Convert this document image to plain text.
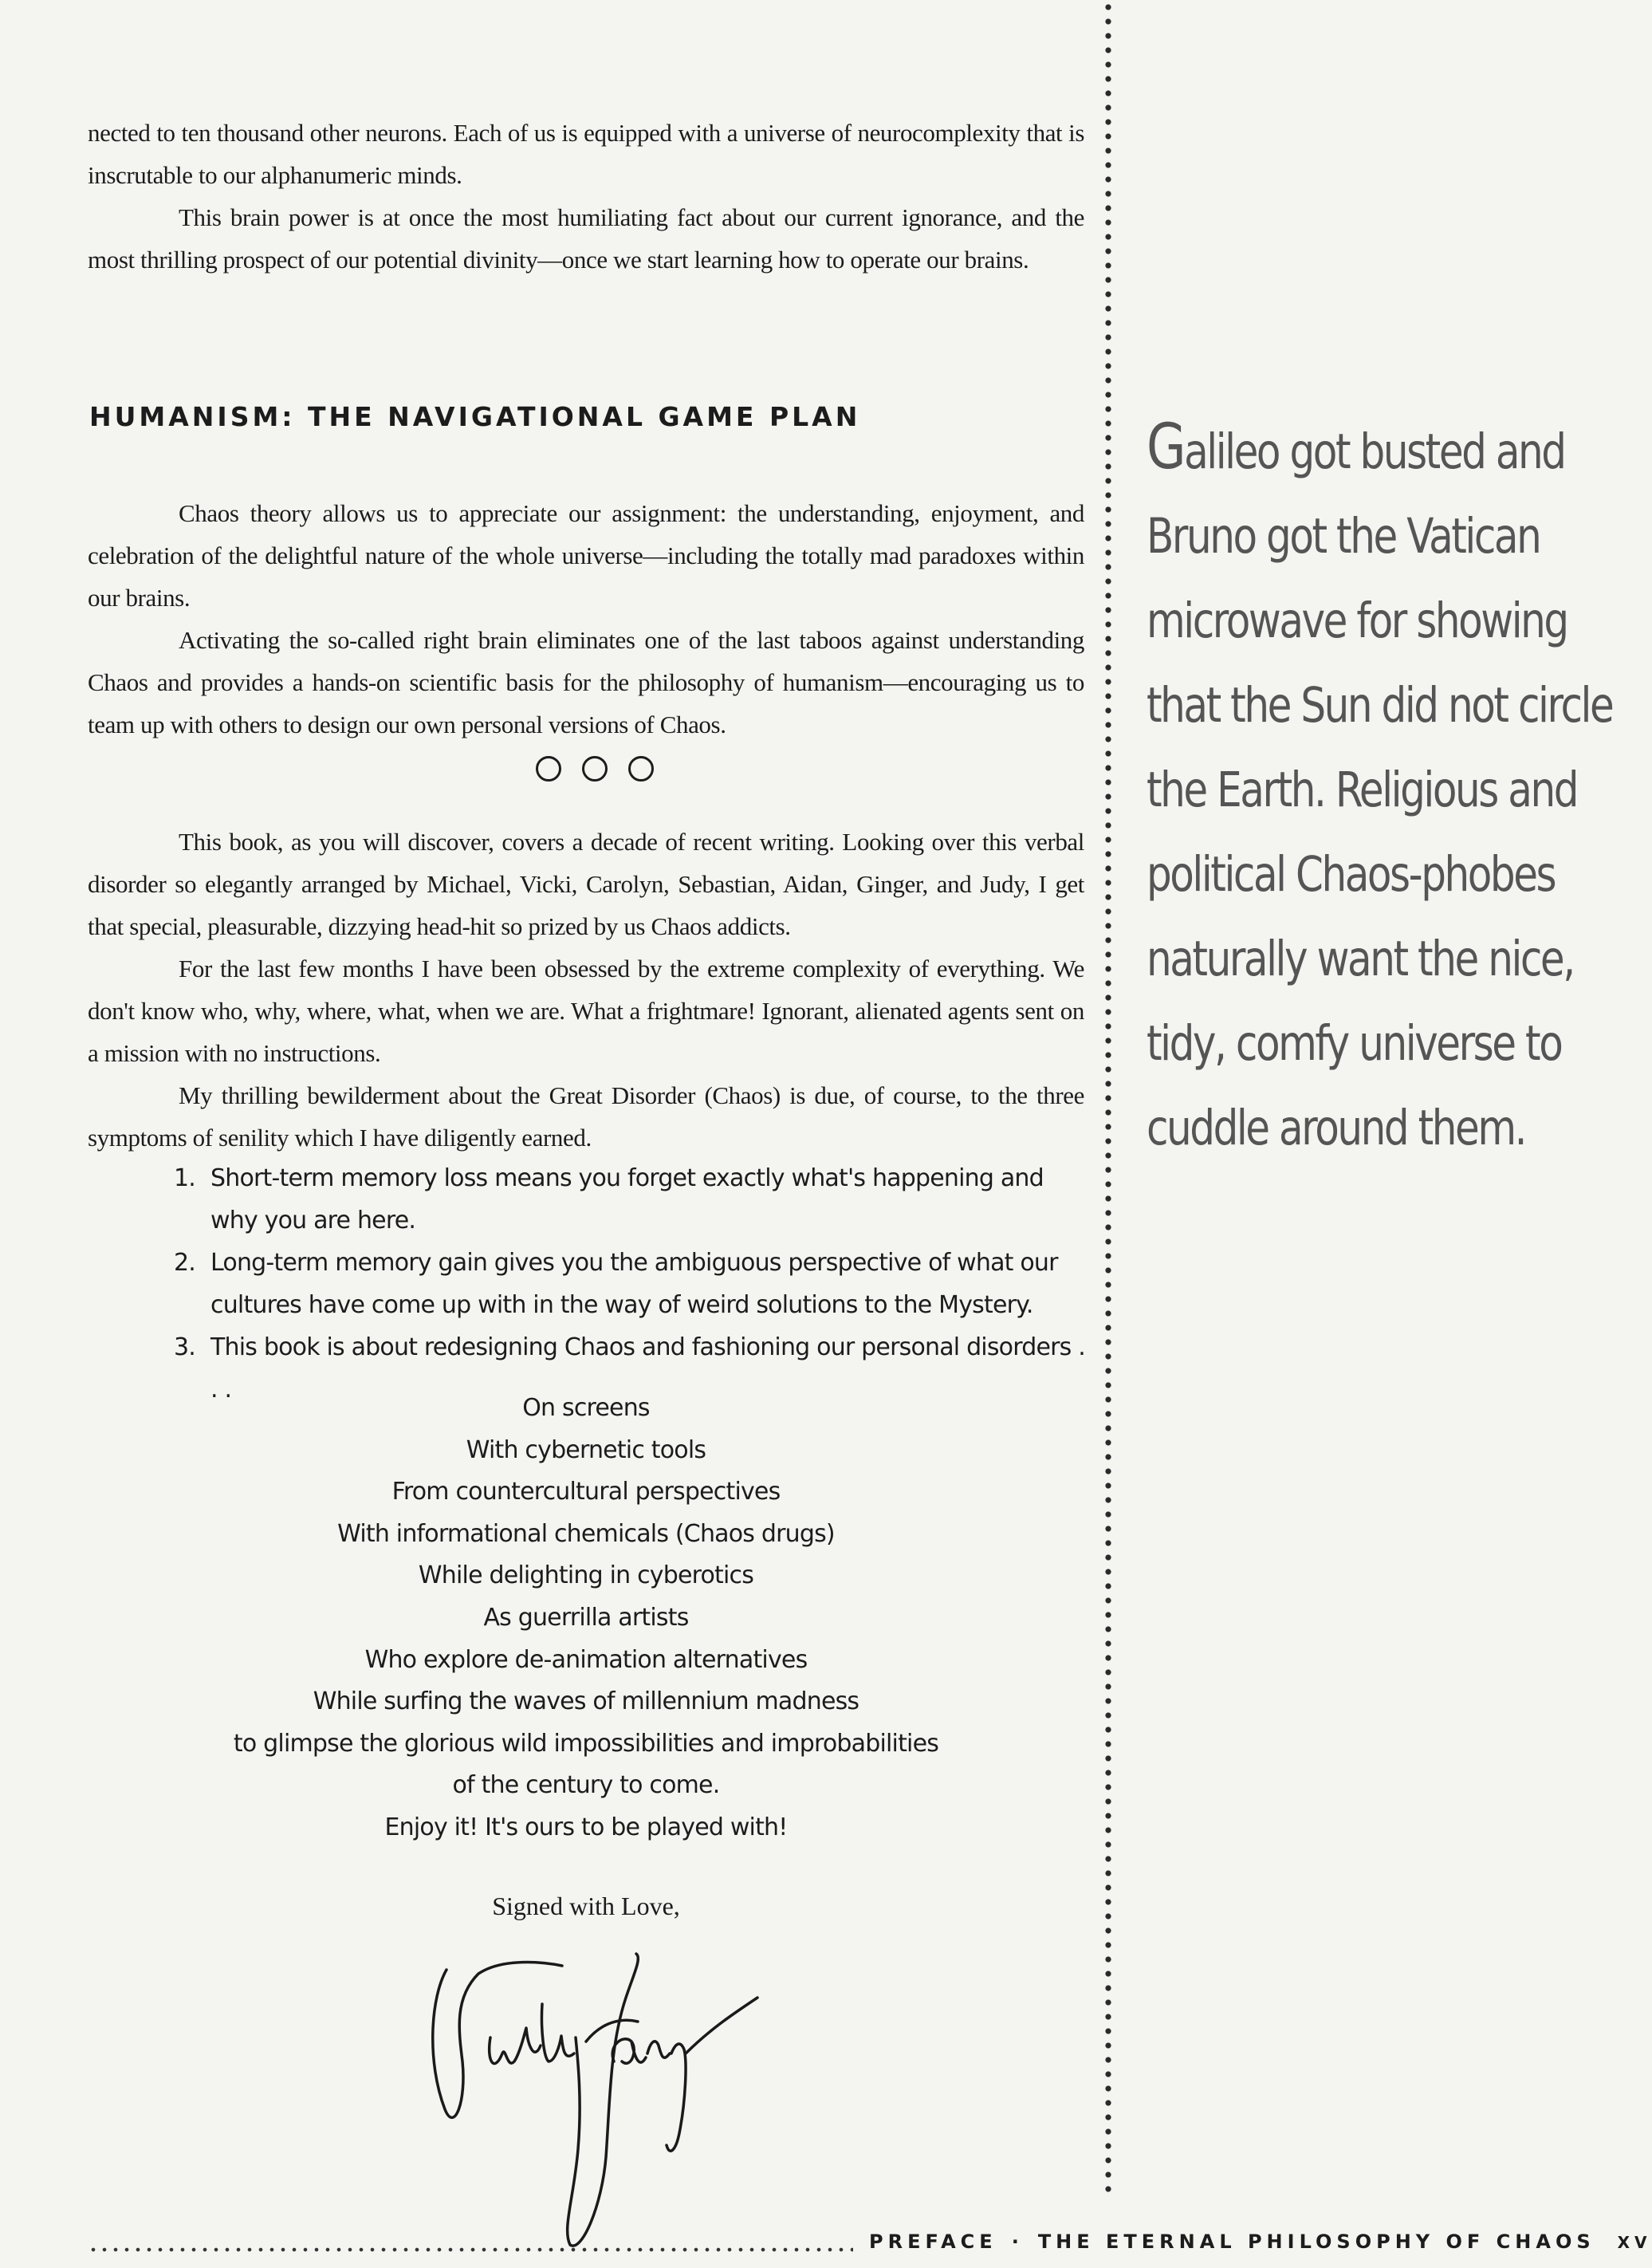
nected to ten thousand other neurons. Each of us is equipped with a universe of neurocomplexity that is inscrutable to our alphanumeric minds.

This brain power is at once the most humiliating fact about our current ignorance, and the most thrilling prospect of our potential divinity—once we start learning how to operate our brains.

HUMANISM: THE NAVIGATIONAL GAME PLAN

Chaos theory allows us to appreciate our assignment: the understanding, enjoyment, and celebration of the delightful nature of the whole universe—including the totally mad paradoxes within our brains.

Activating the so-called right brain eliminates one of the last taboos against understanding Chaos and provides a hands-on scientific basis for the philosophy of humanism—encouraging us to team up with others to design our own personal versions of Chaos.

This book, as you will discover, covers a decade of recent writing. Looking over this verbal disorder so elegantly arranged by Michael, Vicki, Carolyn, Sebastian, Aidan, Ginger, and Judy, I get that special, pleasurable, dizzying head-hit so prized by us Chaos addicts.

For the last few months I have been obsessed by the extreme complexity of everything. We don't know who, why, where, what, when we are. What a frightmare! Ignorant, alienated agents sent on a mission with no instructions.

My thrilling bewilderment about the Great Disorder (Chaos) is due, of course, to the three symptoms of senility which I have diligently earned.

1. Short-term memory loss means you forget exactly what's happening and why you are here.
2. Long-term memory gain gives you the ambiguous perspective of what our cultures have come up with in the way of weird solutions to the Mystery.
3. This book is about redesigning Chaos and fashioning our personal disorders . . .
On screens
With cybernetic tools
From countercultural perspectives
With informational chemicals (Chaos drugs)
While delighting in cyberotics
As guerrilla artists
Who explore de-animation alternatives
While surfing the waves of millennium madness
to glimpse the glorious wild impossibilities and improbabilities
of the century to come.
Enjoy it! It's ours to be played with!
Signed with Love,
Galileo got busted and
Bruno got the Vatican
microwave for showing
that the Sun did not circle
the Earth. Religious and
political Chaos-phobes
naturally want the nice,
tidy, comfy universe to
cuddle around them.
PREFACE · THE ETERNAL PHILOSOPHY OF CHAOS XV
